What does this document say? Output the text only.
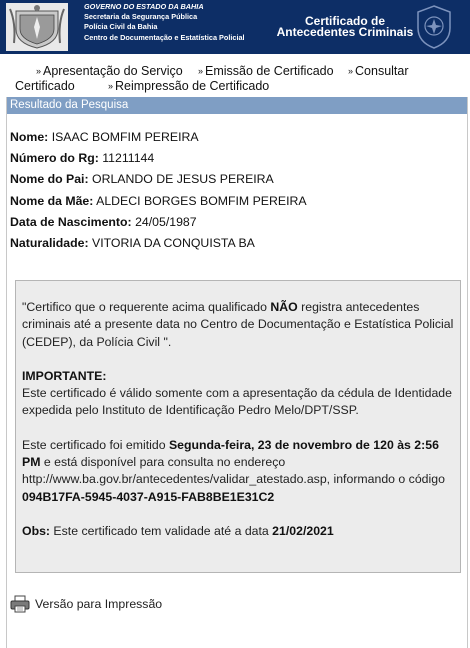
GOVERNO DO ESTADO DA BAHIA
Secretaria da Segurança Pública
Polícia Civil da Bahia
Centro de Documentação e Estatística Policial
Certificado de
Antecedentes Criminais
» Apresentação do Serviço » Emissão de Certificado » Consultar
Certificado	» Reimpressão de Certificado
Resultado da Pesquisa
Nome: ISAAC BOMFIM PEREIRA
Número do Rg: 11211144
Nome do Pai: ORLANDO DE JESUS PEREIRA
Nome da Mãe: ALDECI BORGES BOMFIM PEREIRA
Data de Nascimento: 24/05/1987
Naturalidade: VITORIA DA CONQUISTA BA

"Certifico que o requerente acima qualificado NÃO registra antecedentes criminais até a presente data no Centro de Documentação e Estatística Policial (CEDEP), da Polícia Civil ".

IMPORTANTE:

Este certificado é válido somente com a apresentação da cédula de Identidade expedida pelo Instituto de Identificação Pedro Melo/DPT/SSP.

Este certificado foi emitido Segunda-feira, 23 de novembro de 120 às 2:56 PM e está disponível para consulta no endereço http://www.ba.gov.br/antecedentes/validar_atestado.asp, informando o código

094B17FA-5945-4037-A915-FAB8BE1E31C2

Obs: Este certificado tem validade até a data 21/02/2021

Versão para Impressão
